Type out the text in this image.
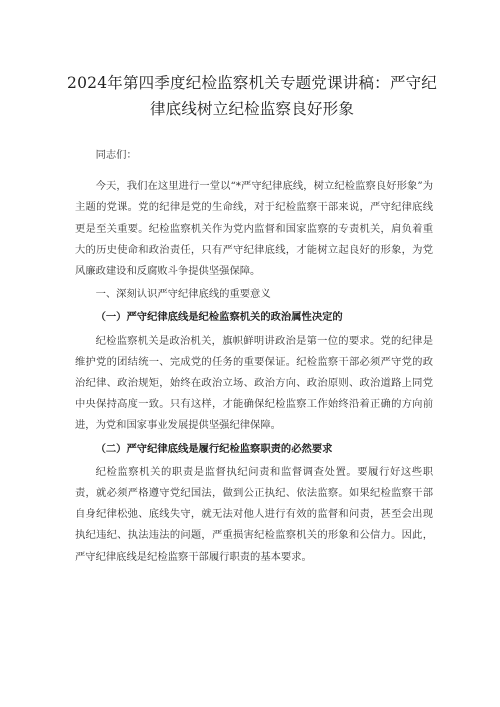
2024年第四季度纪检监察机关专题党课讲稿：严守纪律底线树立纪检监察良好形象

同志们：

今天，我们在这里进行一堂以“*严守纪律底线，树立纪检监察良好形象”为主题的党课。党的纪律是党的生命线，对于纪检监察干部来说，严守纪律底线更是至关重要。纪检监察机关作为党内监督和国家监察的专责机关，肩负着重大的历史使命和政治责任，只有严守纪律底线，才能树立起良好的形象，为党风廉政建设和反腐败斗争提供坚强保障。

一、深刻认识严守纪律底线的重要意义

（一）严守纪律底线是纪检监察机关的政治属性决定的

纪检监察机关是政治机关，旗帜鲜明讲政治是第一位的要求。党的纪律是维护党的团结统一、完成党的任务的重要保证。纪检监察干部必须严守党的政治纪律、政治规矩，始终在政治立场、政治方向、政治原则、政治道路上同党中央保持高度一致。只有这样，才能确保纪检监察工作始终沿着正确的方向前进，为党和国家事业发展提供坚强纪律保障。

（二）严守纪律底线是履行纪检监察职责的必然要求

纪检监察机关的职责是监督执纪问责和监督调查处置。要履行好这些职责，就必须严格遵守党纪国法，做到公正执纪、依法监察。如果纪检监察干部自身纪律松弛、底线失守，就无法对他人进行有效的监督和问责，甚至会出现执纪违纪、执法违法的问题，严重损害纪检监察机关的形象和公信力。因此，严守纪律底线是纪检监察干部履行职责的基本要求。
